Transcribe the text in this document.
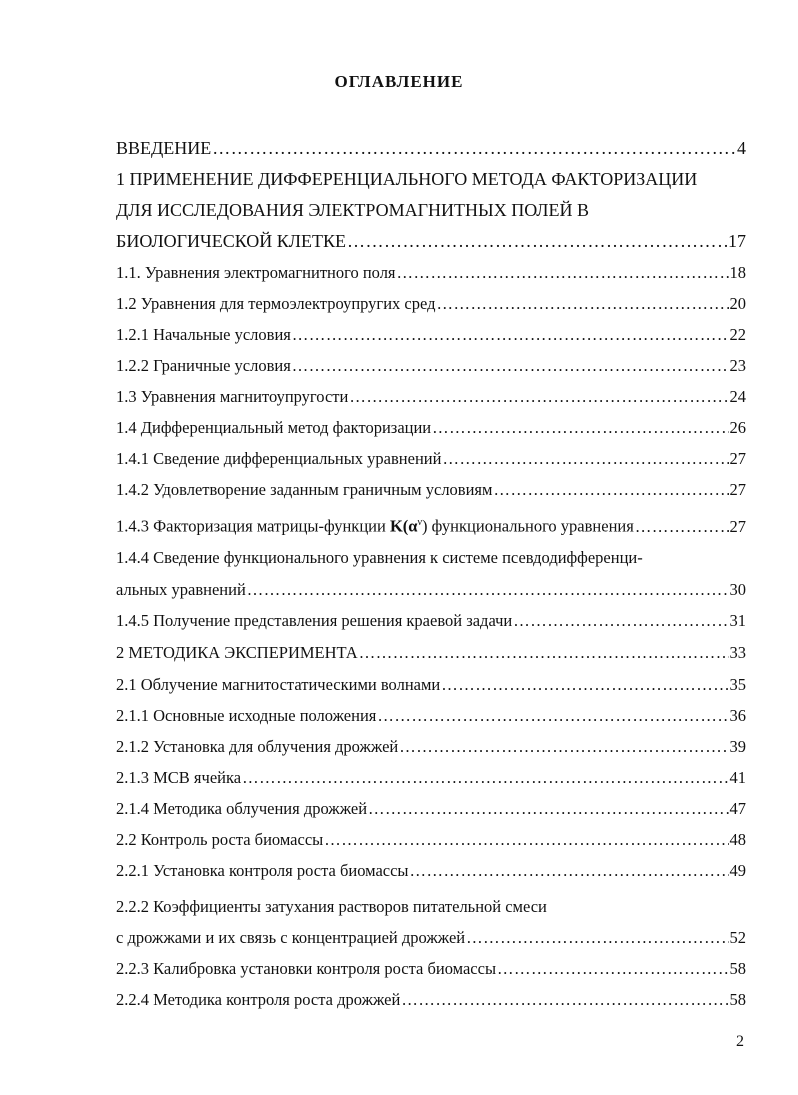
ОГЛАВЛЕНИЕ
ВВЕДЕНИЕ …………………………………………………………………………………………………………………………………………………………………………	4
1 ПРИМЕНЕНИЕ ДИФФЕРЕНЦИАЛЬНОГО МЕТОДА ФАКТОРИЗАЦИИ
ДЛЯ ИССЛЕДОВАНИЯ ЭЛЕКТРОМАГНИТНЫХ ПОЛЕЙ В
БИОЛОГИЧЕСКОЙ КЛЕТКЕ …………………………………………………………………………………………………………………………………………………………………………	17
1.1. Уравнения электромагнитного поля …………………………………………………………………………………………………………………………………………………………………………	18
1.2 Уравнения для термоэлектроупругих сред …………………………………………………………………………………………………………………………………………………………………………	20
1.2.1 Начальные условия …………………………………………………………………………………………………………………………………………………………………………	22
1.2.2 Граничные условия …………………………………………………………………………………………………………………………………………………………………………	23
1.3 Уравнения магнитоупругости …………………………………………………………………………………………………………………………………………………………………………	24
1.4 Дифференциальный метод факторизации …………………………………………………………………………………………………………………………………………………………………………	26
1.4.1 Сведение дифференциальных уравнений …………………………………………………………………………………………………………………………………………………………………………	27
1.4.2 Удовлетворение заданным граничным условиям …………………………………………………………………………………………………………………………………………………………………………	27
1.4.3 Факторизация матрицы-функции $K(\alpha^\nu)$ функционального уравнения …………………………………………………………………………………………………………………………………………………………………………	27
1.4.4 Сведение функционального уравнения к системе псевдодифференци-
альных уравнений …………………………………………………………………………………………………………………………………………………………………………	30
1.4.5 Получение представления решения краевой задачи …………………………………………………………………………………………………………………………………………………………………………	31
2 МЕТОДИКА ЭКСПЕРИМЕНТА …………………………………………………………………………………………………………………………………………………………………………	33
2.1 Облучение магнитостатическими волнами …………………………………………………………………………………………………………………………………………………………………………	35
2.1.1 Основные исходные положения …………………………………………………………………………………………………………………………………………………………………………	36
2.1.2 Установка для облучения дрожжей …………………………………………………………………………………………………………………………………………………………………………	39
2.1.3 МСВ ячейка …………………………………………………………………………………………………………………………………………………………………………	41
2.1.4 Методика облучения дрожжей …………………………………………………………………………………………………………………………………………………………………………	47
2.2 Контроль роста биомассы …………………………………………………………………………………………………………………………………………………………………………	48
2.2.1 Установка контроля роста биомассы …………………………………………………………………………………………………………………………………………………………………………	49
2.2.2 Коэффициенты затухания растворов питательной смеси
с дрожжами и их связь с концентрацией дрожжей …………………………………………………………………………………………………………………………………………………………………………	52
2.2.3 Калибровка установки контроля роста биомассы …………………………………………………………………………………………………………………………………………………………………………	58
2.2.4 Методика контроля роста дрожжей …………………………………………………………………………………………………………………………………………………………………………	58
2
